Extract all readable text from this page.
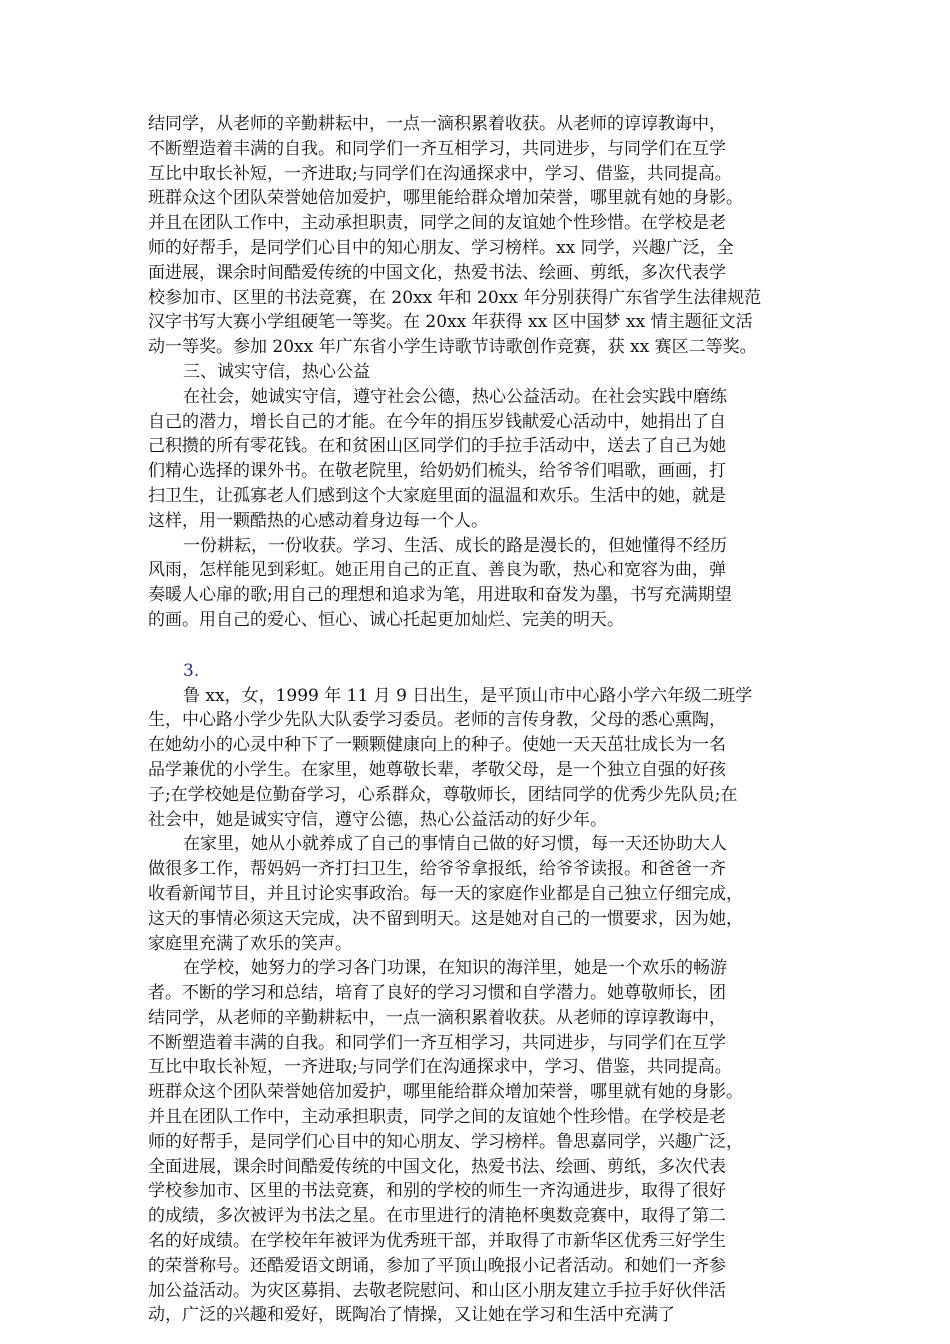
结同学，从老师的辛勤耕耘中，一点一滴积累着收获。从老师的谆谆教诲中，
不断塑造着丰满的自我。和同学们一齐互相学习，共同进步，与同学们在互学
互比中取长补短，一齐进取;与同学们在沟通探求中，学习、借鉴，共同提高。
班群众这个团队荣誉她倍加爱护，哪里能给群众增加荣誉，哪里就有她的身影。
并且在团队工作中，主动承担职责，同学之间的友谊她个性珍惜。在学校是老
师的好帮手，是同学们心目中的知心朋友、学习榜样。xx 同学，兴趣广泛，全
面进展，课余时间酷爱传统的中国文化，热爱书法、绘画、剪纸，多次代表学
校参加市、区里的书法竞赛，在 20xx 年和 20xx 年分别获得广东省学生法律规范
汉字书写大赛小学组硬笔一等奖。在 20xx 年获得 xx 区中国梦 xx 情主题征文活
动一等奖。参加 20xx 年广东省小学生诗歌节诗歌创作竞赛，获 xx 赛区二等奖。

三、诚实守信，热心公益

在社会，她诚实守信，遵守社会公德，热心公益活动。在社会实践中磨练
自己的潜力，增长自己的才能。在今年的捐压岁钱献爱心活动中，她捐出了自
己积攒的所有零花钱。在和贫困山区同学们的手拉手活动中，送去了自己为她
们精心选择的课外书。在敬老院里，给奶奶们梳头，给爷爷们唱歌，画画，打
扫卫生，让孤寡老人们感到这个大家庭里面的温温和欢乐。生活中的她，就是
这样，用一颗酷热的心感动着身边每一个人。

一份耕耘，一份收获。学习、生活、成长的路是漫长的，但她懂得不经历
风雨，怎样能见到彩虹。她正用自己的正直、善良为歌，热心和宽容为曲，弹
奏暖人心扉的歌;用自己的理想和追求为笔，用进取和奋发为墨，书写充满期望
的画。用自己的爱心、恒心、诚心托起更加灿烂、完美的明天。

3.

鲁 xx，女，1999 年 11 月 9 日出生，是平顶山市中心路小学六年级二班学
生，中心路小学少先队大队委学习委员。老师的言传身教，父母的悉心熏陶，
在她幼小的心灵中种下了一颗颗健康向上的种子。使她一天天茁壮成长为一名
品学兼优的小学生。在家里，她尊敬长辈，孝敬父母，是一个独立自强的好孩
子;在学校她是位勤奋学习，心系群众，尊敬师长，团结同学的优秀少先队员;在
社会中，她是诚实守信，遵守公德，热心公益活动的好少年。

在家里，她从小就养成了自己的事情自己做的好习惯，每一天还协助大人
做很多工作，帮妈妈一齐打扫卫生，给爷爷拿报纸，给爷爷读报。和爸爸一齐
收看新闻节目，并且讨论实事政治。每一天的家庭作业都是自己独立仔细完成，
这天的事情必须这天完成，决不留到明天。这是她对自己的一惯要求，因为她，
家庭里充满了欢乐的笑声。

在学校，她努力的学习各门功课，在知识的海洋里，她是一个欢乐的畅游
者。不断的学习和总结，培育了良好的学习习惯和自学潜力。她尊敬师长，团
结同学，从老师的辛勤耕耘中，一点一滴积累着收获。从老师的谆谆教诲中，
不断塑造着丰满的自我。和同学们一齐互相学习，共同进步，与同学们在互学
互比中取长补短，一齐进取;与同学们在沟通探求中，学习、借鉴，共同提高。
班群众这个团队荣誉她倍加爱护，哪里能给群众增加荣誉，哪里就有她的身影。
并且在团队工作中，主动承担职责，同学之间的友谊她个性珍惜。在学校是老
师的好帮手，是同学们心目中的知心朋友、学习榜样。鲁思嘉同学，兴趣广泛，
全面进展，课余时间酷爱传统的中国文化，热爱书法、绘画、剪纸，多次代表
学校参加市、区里的书法竞赛，和别的学校的师生一齐沟通进步，取得了很好
的成绩，多次被评为书法之星。在市里进行的清艳杯奥数竞赛中，取得了第二
名的好成绩。在学校年年被评为优秀班干部，并取得了市新华区优秀三好学生
的荣誉称号。还酷爱语文朗诵，参加了平顶山晚报小记者活动。和她们一齐参
加公益活动。为灾区募捐、去敬老院慰问、和山区小朋友建立手拉手好伙伴活
动，广泛的兴趣和爱好，既陶冶了情操，又让她在学习和生活中充满了
